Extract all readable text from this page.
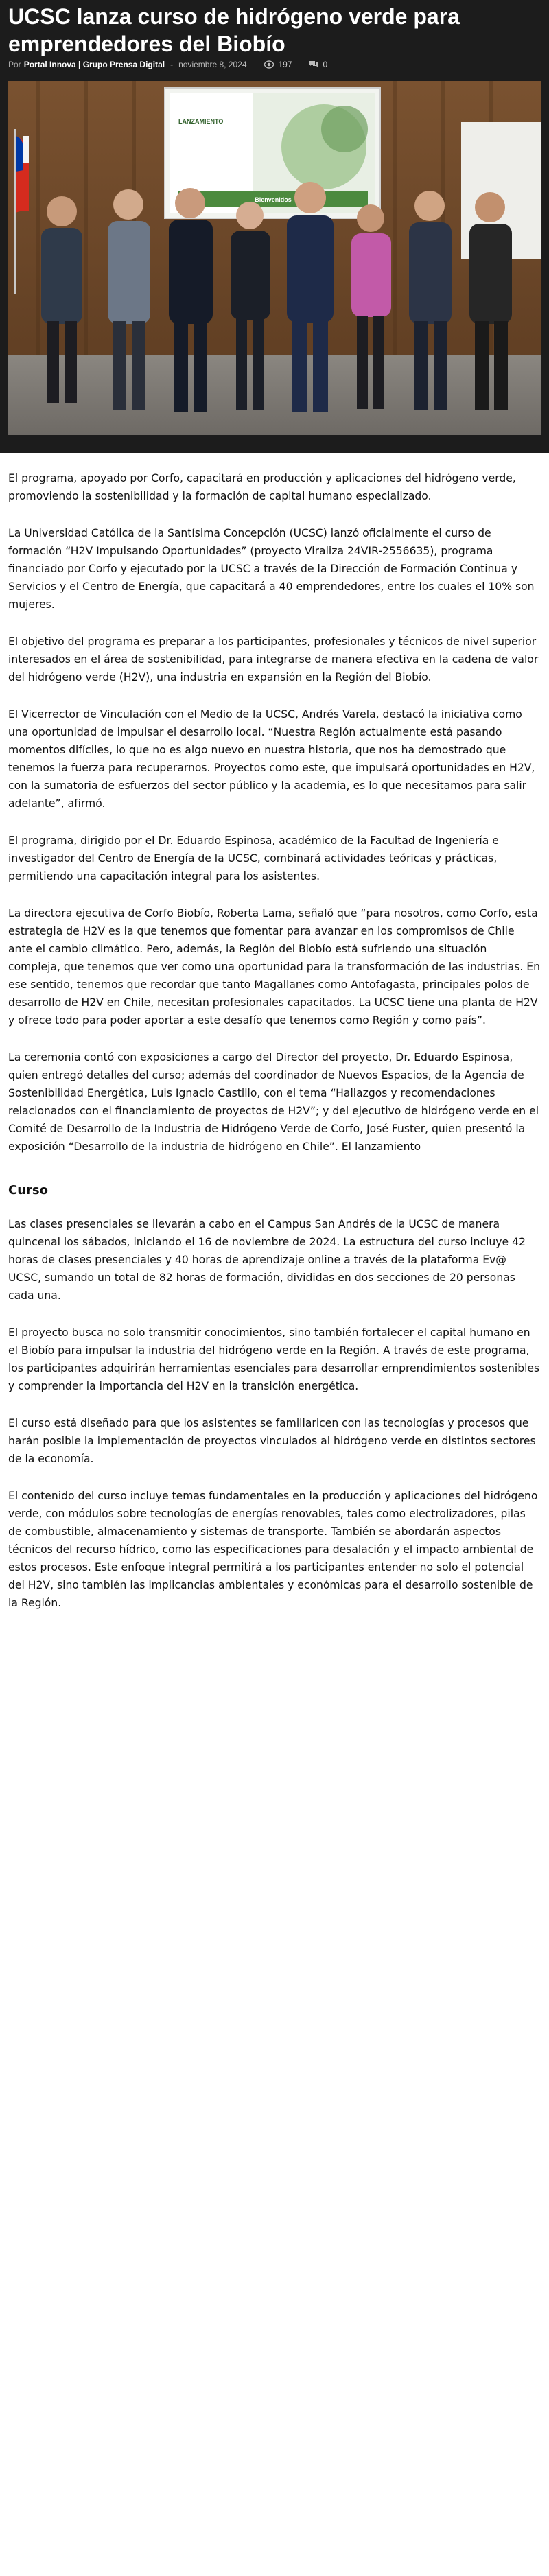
UCSC lanza curso de hidrógeno verde para emprendedores del Biobío
Por Portal Innova | Grupo Prensa Digital - noviembre 8, 2024	197	0
LANZAMIENTO
Bienvenidos

El programa, apoyado por Corfo, capacitará en producción y aplicaciones del hidrógeno verde, promoviendo la sostenibilidad y la formación de capital humano especializado.

La Universidad Católica de la Santísima Concepción (UCSC) lanzó oficialmente el curso de formación “H2V Impulsando Oportunidades” (proyecto Viraliza 24VIR-2556635), programa financiado por Corfo y ejecutado por la UCSC a través de la Dirección de Formación Continua y Servicios y el Centro de Energía, que capacitará a 40 emprendedores, entre los cuales el 10% son mujeres.

El objetivo del programa es preparar a los participantes, profesionales y técnicos de nivel superior interesados en el área de sostenibilidad, para integrarse de manera efectiva en la cadena de valor del hidrógeno verde (H2V), una industria en expansión en la Región del Biobío.

El Vicerrector de Vinculación con el Medio de la UCSC, Andrés Varela, destacó la iniciativa como una oportunidad de impulsar el desarrollo local. “Nuestra Región actualmente está pasando momentos difíciles, lo que no es algo nuevo en nuestra historia, que nos ha demostrado que tenemos la fuerza para recuperarnos. Proyectos como este, que impulsará oportunidades en H2V, con la sumatoria de esfuerzos del sector público y la academia, es lo que necesitamos para salir adelante”, afirmó.

El programa, dirigido por el Dr. Eduardo Espinosa, académico de la Facultad de Ingeniería e investigador del Centro de Energía de la UCSC, combinará actividades teóricas y prácticas, permitiendo una capacitación integral para los asistentes.

La directora ejecutiva de Corfo Biobío, Roberta Lama, señaló que “para nosotros, como Corfo, esta estrategia de H2V es la que tenemos que fomentar para avanzar en los compromisos de Chile ante el cambio climático. Pero, además, la Región del Biobío está sufriendo una situación compleja, que tenemos que ver como una oportunidad para la transformación de las industrias. En ese sentido, tenemos que recordar que tanto Magallanes como Antofagasta, principales polos de desarrollo de H2V en Chile, necesitan profesionales capacitados. La UCSC tiene una planta de H2V y ofrece todo para poder aportar a este desafío que tenemos como Región y como país”.

La ceremonia contó con exposiciones a cargo del Director del proyecto, Dr. Eduardo Espinosa, quien entregó detalles del curso; además del coordinador de Nuevos Espacios, de la Agencia de Sostenibilidad Energética, Luis Ignacio Castillo, con el tema “Hallazgos y recomendaciones relacionados con el financiamiento de proyectos de H2V”; y del ejecutivo de hidrógeno verde en el Comité de Desarrollo de la Industria de Hidrógeno Verde de Corfo, José Fuster, quien presentó la exposición “Desarrollo de la industria de hidrógeno en Chile”. El lanzamiento

Curso

Las clases presenciales se llevarán a cabo en el Campus San Andrés de la UCSC de manera quincenal los sábados, iniciando el 16 de noviembre de 2024. La estructura del curso incluye 42 horas de clases presenciales y 40 horas de aprendizaje online a través de la plataforma Ev@ UCSC, sumando un total de 82 horas de formación, divididas en dos secciones de 20 personas cada una.

El proyecto busca no solo transmitir conocimientos, sino también fortalecer el capital humano en el Biobío para impulsar la industria del hidrógeno verde en la Región. A través de este programa, los participantes adquirirán herramientas esenciales para desarrollar emprendimientos sostenibles y comprender la importancia del H2V en la transición energética.

El curso está diseñado para que los asistentes se familiaricen con las tecnologías y procesos que harán posible la implementación de proyectos vinculados al hidrógeno verde en distintos sectores de la economía.

El contenido del curso incluye temas fundamentales en la producción y aplicaciones del hidrógeno verde, con módulos sobre tecnologías de energías renovables, tales como electrolizadores, pilas de combustible, almacenamiento y sistemas de transporte. También se abordarán aspectos técnicos del recurso hídrico, como las especificaciones para desalación y el impacto ambiental de estos procesos. Este enfoque integral permitirá a los participantes entender no solo el potencial del H2V, sino también las implicancias ambientales y económicas para el desarrollo sostenible de la Región.
